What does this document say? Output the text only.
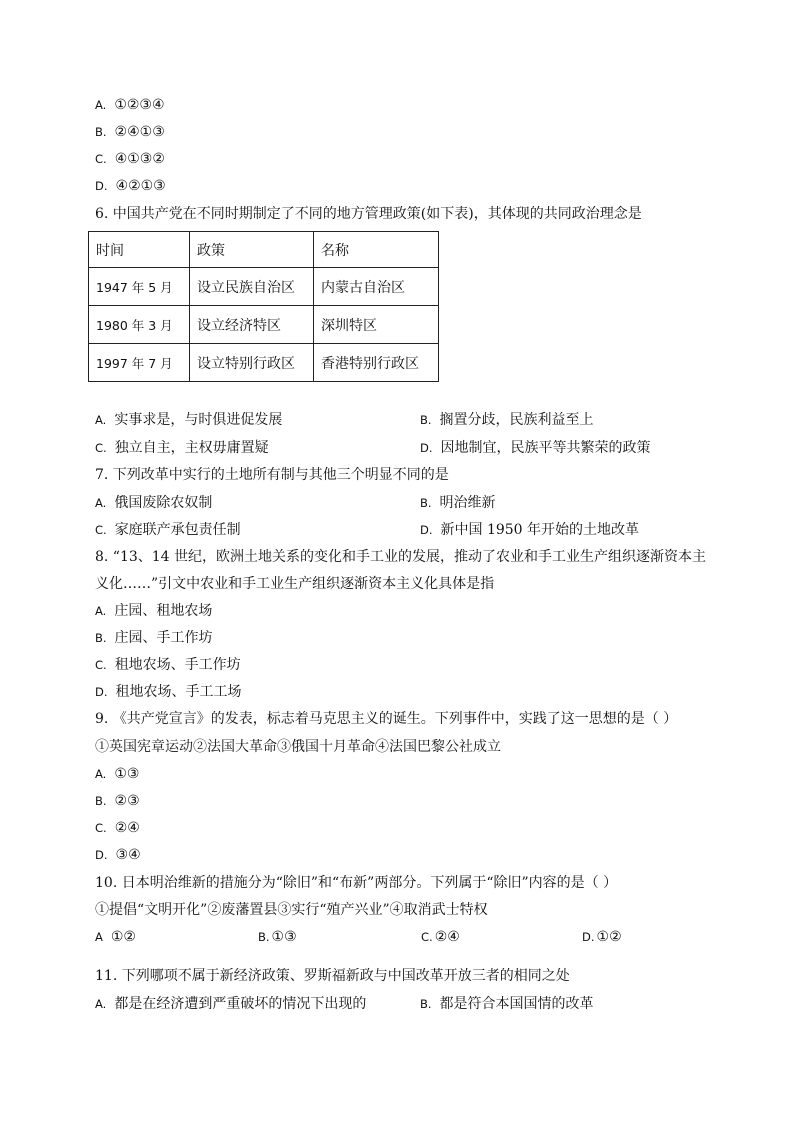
A. ①②③④
B. ②④①③
C. ④①③②
D. ④②①③
6. 中国共产党在不同时期制定了不同的地方管理政策(如下表)，其体现的共同政治理念是
时间	政策	名称
1947 年 5 月	设立民族自治区	内蒙古自治区
1980 年 3 月	设立经济特区	深圳特区
1997 年 7 月	设立特别行政区	香港特别行政区
A. 实事求是，与时俱进促发展	B. 搁置分歧，民族利益至上
C. 独立自主，主权毋庸置疑	D. 因地制宜，民族平等共繁荣的政策
7. 下列改革中实行的土地所有制与其他三个明显不同的是
A. 俄国废除农奴制	B. 明治维新
C. 家庭联产承包责任制	D. 新中国 1950 年开始的土地改革
8. “13、14 世纪，欧洲土地关系的变化和手工业的发展，推动了农业和手工业生产组织逐渐资本主
义化……”引文中农业和手工业生产组织逐渐资本主义化具体是指
A. 庄园、租地农场
B. 庄园、手工作坊
C. 租地农场、手工作坊
D. 租地农场、手工工场
9. 《共产党宣言》的发表，标志着马克思主义的诞生。下列事件中，实践了这一思想的是（ ）
①英国宪章运动②法国大革命③俄国十月革命④法国巴黎公社成立
A. ①③
B. ②③
C. ②④
D. ③④
10. 日本明治维新的措施分为“除旧”和“布新”两部分。下列属于“除旧”内容的是（ ）
①提倡“文明开化”②废藩置县③实行“殖产兴业”④取消武士特权
A ①②	B. ①③	C. ②④	D. ①②
11. 下列哪项不属于新经济政策、罗斯福新政与中国改革开放三者的相同之处
A. 都是在经济遭到严重破坏的情况下出现的	B. 都是符合本国国情的改革
